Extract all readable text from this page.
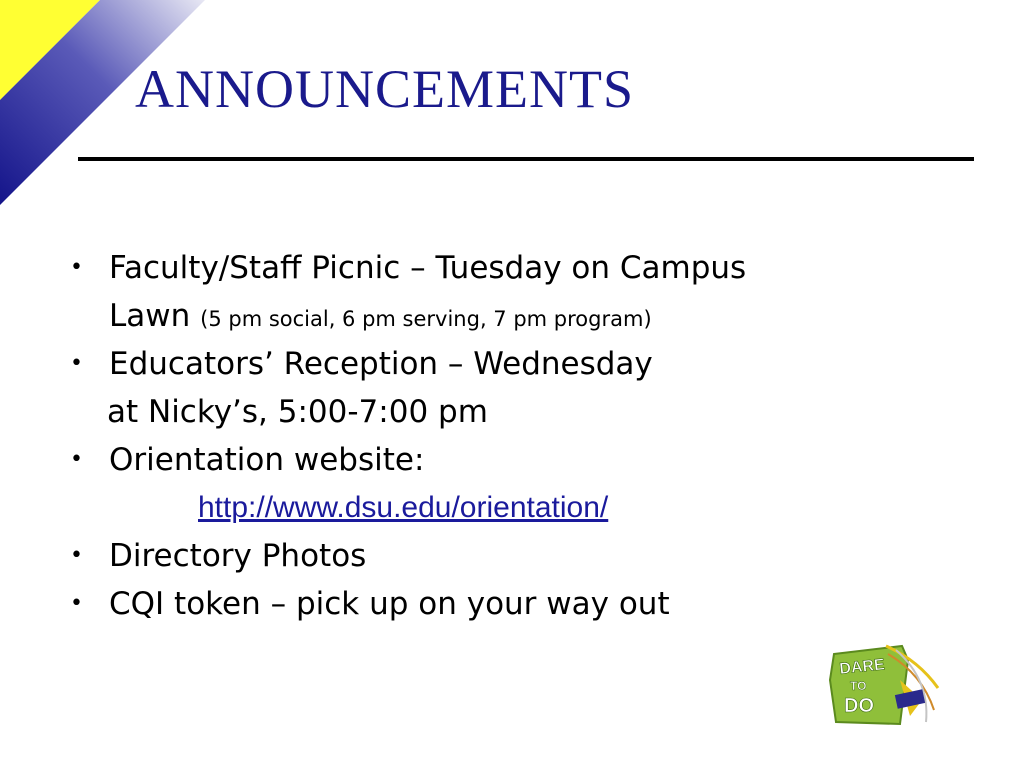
ANNOUNCEMENTS
• Faculty/Staff Picnic – Tuesday on Campus
Lawn (5 pm social, 6 pm serving, 7 pm program)
• Educators’ Reception – Wednesday
at Nicky’s, 5:00-7:00 pm
• Orientation website:
http://www.dsu.edu/orientation/
• Directory Photos
• CQI token – pick up on your way out
DARE
TO
DO
